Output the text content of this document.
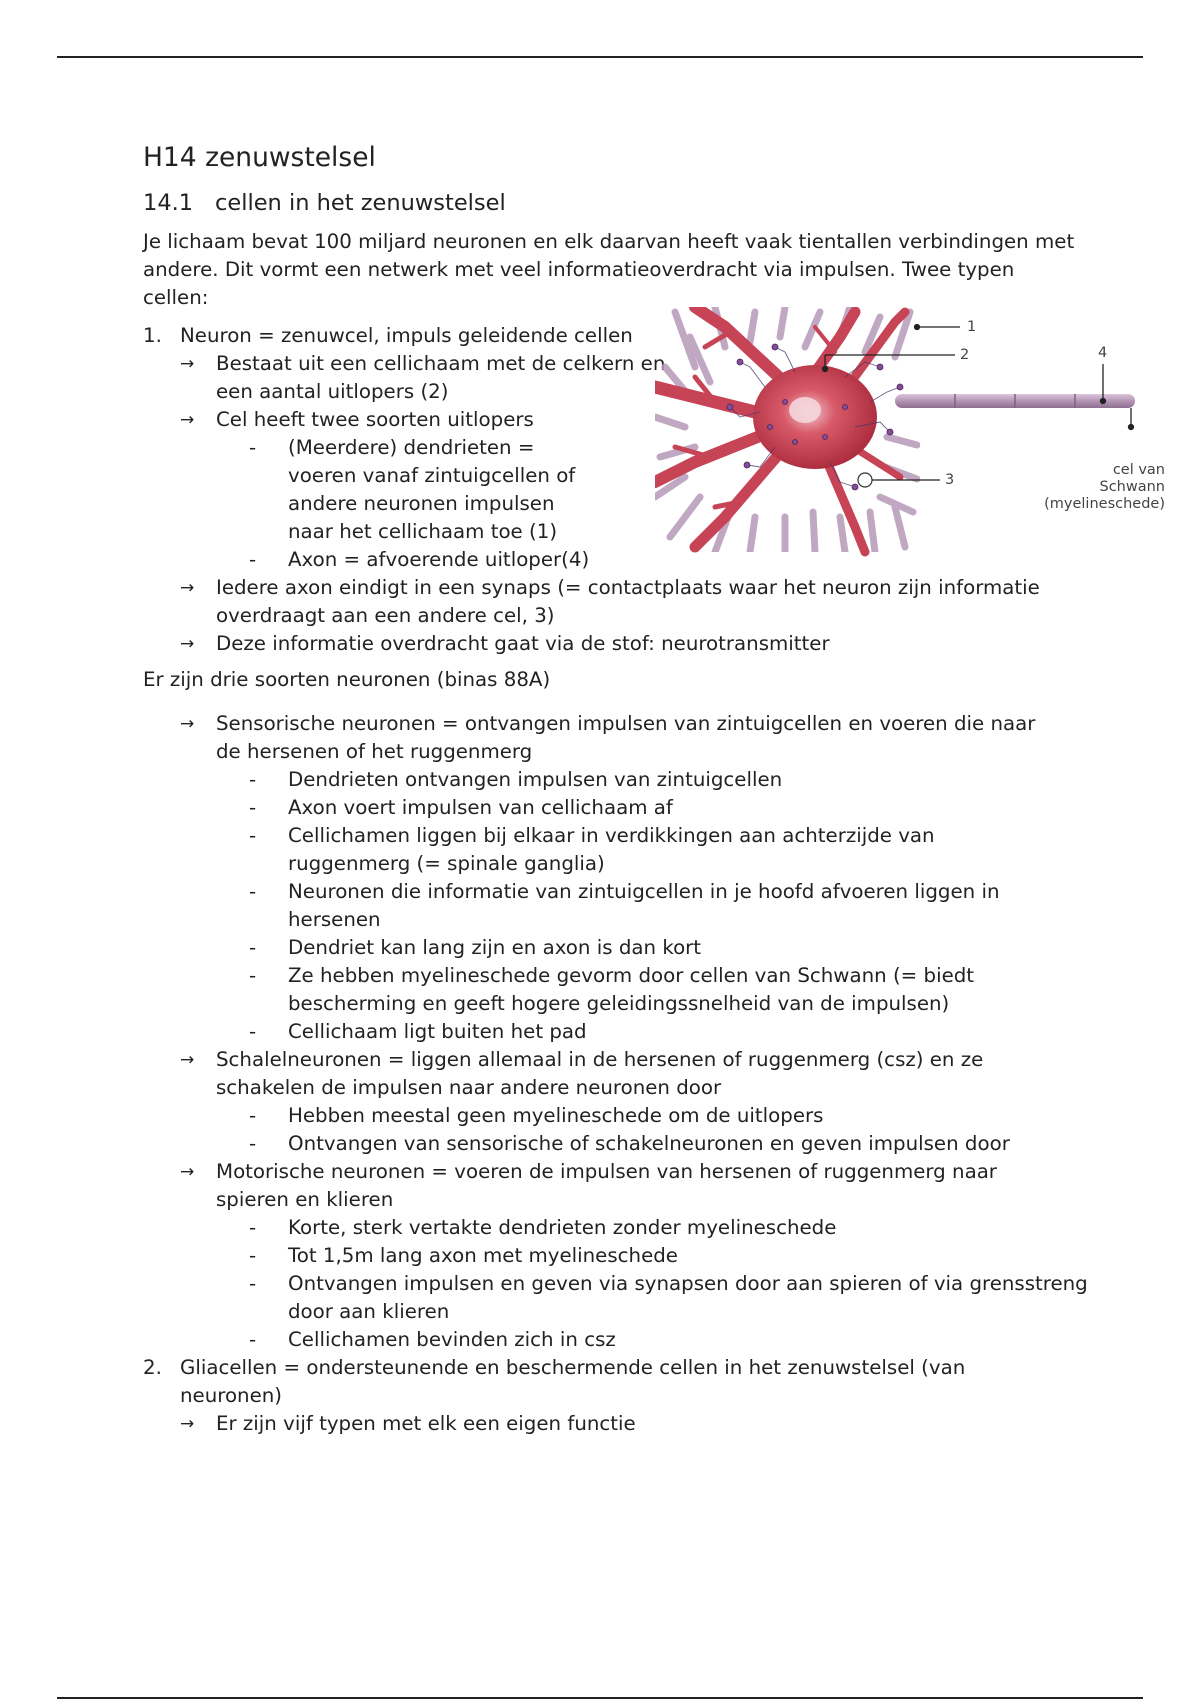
H14 zenuwstelsel
14.1 cellen in het zenuwstelsel

Je lichaam bevat 100 miljard neuronen en elk daarvan heeft vaak tientallen verbindingen met andere. Dit vormt een netwerk met veel informatieoverdracht via impulsen. Twee typen cellen:

1. Neuron = zenuwcel, impuls geleidende cellen
→ Bestaat uit een cellichaam met de celkern en een aantal uitlopers (2)
→ Cel heeft twee soorten uitlopers
- (Meerdere) dendrieten = voeren vanaf zintuigcellen of andere neuronen impulsen naar het cellichaam toe (1)
- Axon = afvoerende uitloper(4)
→ Iedere axon eindigt in een synaps (= contactplaats waar het neuron zijn informatie overdraagt aan een andere cel, 3)
→ Deze informatie overdracht gaat via de stof: neurotransmitter

Er zijn drie soorten neuronen (binas 88A)

→ Sensorische neuronen = ontvangen impulsen van zintuigcellen en voeren die naar de hersenen of het ruggenmerg
- Dendrieten ontvangen impulsen van zintuigcellen
- Axon voert impulsen van cellichaam af
- Cellichamen liggen bij elkaar in verdikkingen aan achterzijde van ruggenmerg (= spinale ganglia)
- Neuronen die informatie van zintuigcellen in je hoofd afvoeren liggen in hersenen
- Dendriet kan lang zijn en axon is dan kort
- Ze hebben myelineschede gevorm door cellen van Schwann (= biedt bescherming en geeft hogere geleidingssnelheid van de impulsen)
- Cellichaam ligt buiten het pad
→ Schalelneuronen = liggen allemaal in de hersenen of ruggenmerg (csz) en ze schakelen de impulsen naar andere neuronen door
- Hebben meestal geen myelineschede om de uitlopers
- Ontvangen van sensorische of schakelneuronen en geven impulsen door
→ Motorische neuronen = voeren de impulsen van hersenen of ruggenmerg naar spieren en klieren
- Korte, sterk vertakte dendrieten zonder myelineschede
- Tot 1,5m lang axon met myelineschede
- Ontvangen impulsen en geven via synapsen door aan spieren of via grensstreng door aan klieren
- Cellichamen bevinden zich in csz
2. Gliacellen = ondersteunende en beschermende cellen in het zenuwstelsel (van neuronen)
→ Er zijn vijf typen met elk een eigen functie
1
2
3
4
cel van
Schwann
(myelineschede)
